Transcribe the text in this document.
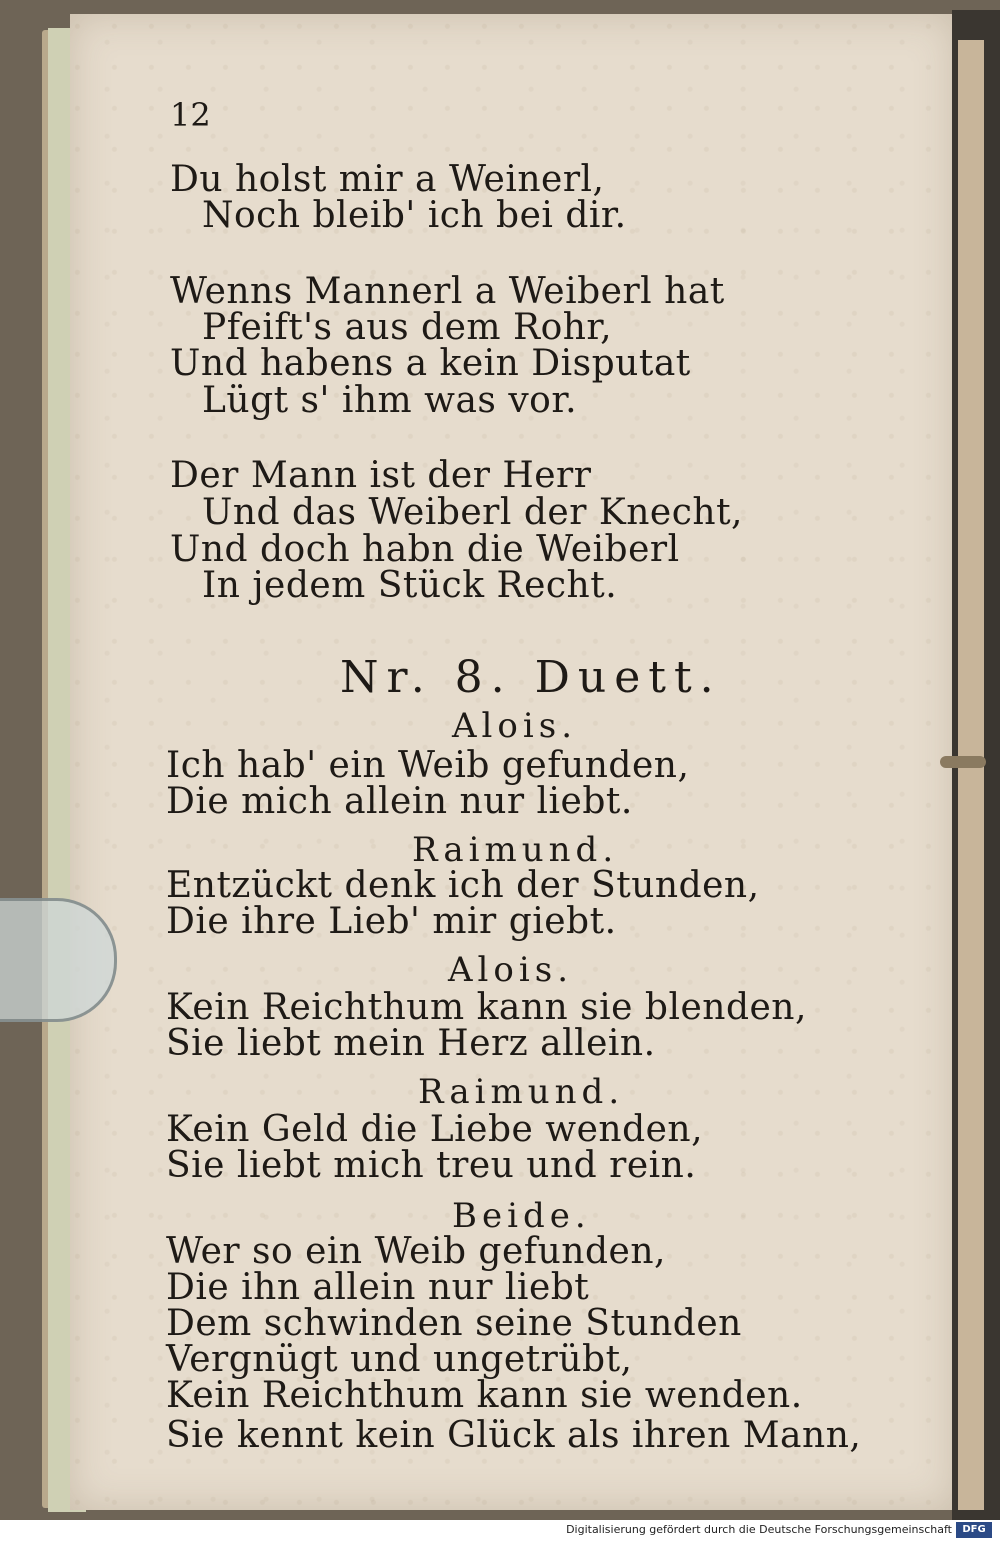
12
Du holst mir a Weinerl,
Noch bleib' ich bei dir.
Wenns Mannerl a Weiberl hat
Pfeift's aus dem Rohr,
Und habens a kein Disputat
Lügt s' ihm was vor.
Der Mann ist der Herr
Und das Weiberl der Knecht,
Und doch habn die Weiberl
In jedem Stück Recht.
Nr. 8. Duett.
Alois.
Ich hab' ein Weib gefunden,
Die mich allein nur liebt.
Raimund.
Entzückt denk ich der Stunden,
Die ihre Lieb' mir giebt.
Alois.
Kein Reichthum kann sie blenden,
Sie liebt mein Herz allein.
Raimund.
Kein Geld die Liebe wenden,
Sie liebt mich treu und rein.
Beide.
Wer so ein Weib gefunden,
Die ihn allein nur liebt
Dem schwinden seine Stunden
Vergnügt und ungetrübt,
Kein Reichthum kann sie wenden.
Sie kennt kein Glück als ihren Mann,
Digitalisierung gefördert durch die Deutsche Forschungsgemeinschaft	DFG
